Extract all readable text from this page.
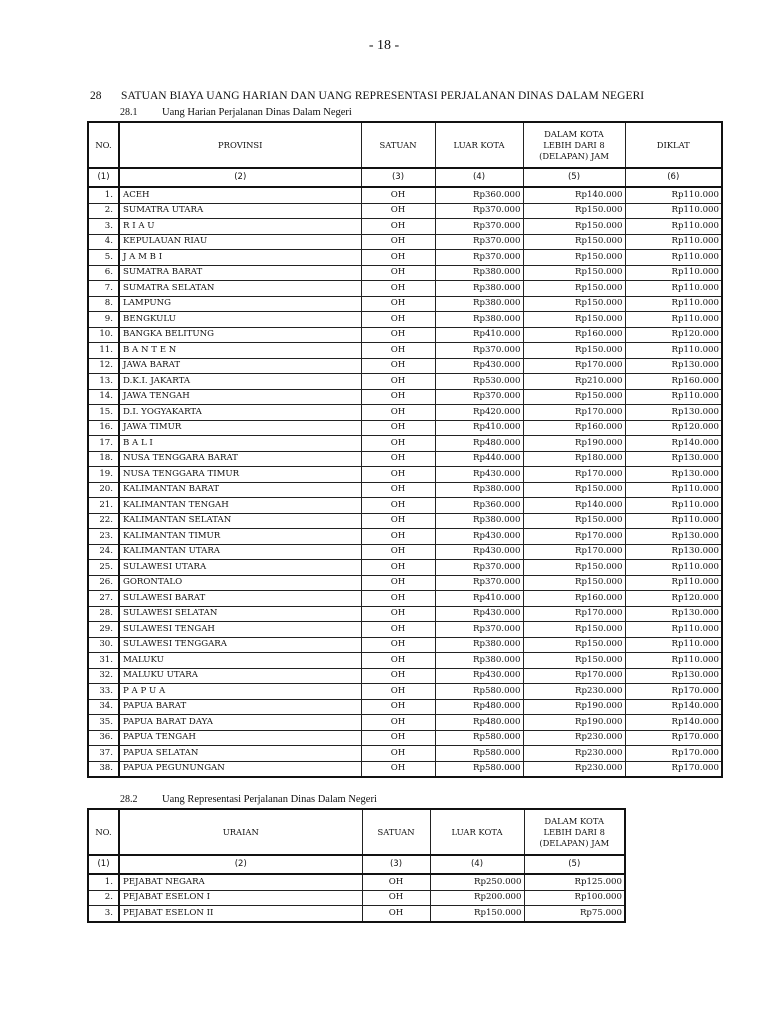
- 18 -
28 SATUAN BIAYA UANG HARIAN DAN UANG REPRESENTASI PERJALANAN DINAS DALAM NEGERI
28.1 Uang Harian Perjalanan Dinas Dalam Negeri
NO.	PROVINSI	SATUAN	LUAR KOTA	DALAM KOTA
LEBIH DARI 8
(DELAPAN) JAM	DIKLAT
(1)	(2)	(3)	(4)	(5)	(6)
1.	ACEH	OH	Rp360.000	Rp140.000	Rp110.000
2.	SUMATRA UTARA	OH	Rp370.000	Rp150.000	Rp110.000
3.	R I A U	OH	Rp370.000	Rp150.000	Rp110.000
4.	KEPULAUAN RIAU	OH	Rp370.000	Rp150.000	Rp110.000
5.	J A M B I	OH	Rp370.000	Rp150.000	Rp110.000
6.	SUMATRA BARAT	OH	Rp380.000	Rp150.000	Rp110.000
7.	SUMATRA SELATAN	OH	Rp380.000	Rp150.000	Rp110.000
8.	LAMPUNG	OH	Rp380.000	Rp150.000	Rp110.000
9.	BENGKULU	OH	Rp380.000	Rp150.000	Rp110.000
10.	BANGKA BELITUNG	OH	Rp410.000	Rp160.000	Rp120.000
11.	B A N T E N	OH	Rp370.000	Rp150.000	Rp110.000
12.	JAWA BARAT	OH	Rp430.000	Rp170.000	Rp130.000
13.	D.K.I. JAKARTA	OH	Rp530.000	Rp210.000	Rp160.000
14.	JAWA TENGAH	OH	Rp370.000	Rp150.000	Rp110.000
15.	D.I. YOGYAKARTA	OH	Rp420.000	Rp170.000	Rp130.000
16.	JAWA TIMUR	OH	Rp410.000	Rp160.000	Rp120.000
17.	B A L I	OH	Rp480.000	Rp190.000	Rp140.000
18.	NUSA TENGGARA BARAT	OH	Rp440.000	Rp180.000	Rp130.000
19.	NUSA TENGGARA TIMUR	OH	Rp430.000	Rp170.000	Rp130.000
20.	KALIMANTAN BARAT	OH	Rp380.000	Rp150.000	Rp110.000
21.	KALIMANTAN TENGAH	OH	Rp360.000	Rp140.000	Rp110.000
22.	KALIMANTAN SELATAN	OH	Rp380.000	Rp150.000	Rp110.000
23.	KALIMANTAN TIMUR	OH	Rp430.000	Rp170.000	Rp130.000
24.	KALIMANTAN UTARA	OH	Rp430.000	Rp170.000	Rp130.000
25.	SULAWESI UTARA	OH	Rp370.000	Rp150.000	Rp110.000
26.	GORONTALO	OH	Rp370.000	Rp150.000	Rp110.000
27.	SULAWESI BARAT	OH	Rp410.000	Rp160.000	Rp120.000
28.	SULAWESI SELATAN	OH	Rp430.000	Rp170.000	Rp130.000
29.	SULAWESI TENGAH	OH	Rp370.000	Rp150.000	Rp110.000
30.	SULAWESI TENGGARA	OH	Rp380.000	Rp150.000	Rp110.000
31.	MALUKU	OH	Rp380.000	Rp150.000	Rp110.000
32.	MALUKU UTARA	OH	Rp430.000	Rp170.000	Rp130.000
33.	P A P U A	OH	Rp580.000	Rp230.000	Rp170.000
34.	PAPUA BARAT	OH	Rp480.000	Rp190.000	Rp140.000
35.	PAPUA BARAT DAYA	OH	Rp480.000	Rp190.000	Rp140.000
36.	PAPUA TENGAH	OH	Rp580.000	Rp230.000	Rp170.000
37.	PAPUA SELATAN	OH	Rp580.000	Rp230.000	Rp170.000
38.	PAPUA PEGUNUNGAN	OH	Rp580.000	Rp230.000	Rp170.000
28.2 Uang Representasi Perjalanan Dinas Dalam Negeri
NO.	URAIAN	SATUAN	LUAR KOTA	DALAM KOTA
LEBIH DARI 8
(DELAPAN) JAM

(1)	(2)	(3)	(4)	(5)
1.	PEJABAT NEGARA	OH	Rp250.000	Rp125.000
2.	PEJABAT ESELON I	OH	Rp200.000	Rp100.000
3.	PEJABAT ESELON II	OH	Rp150.000	Rp75.000
